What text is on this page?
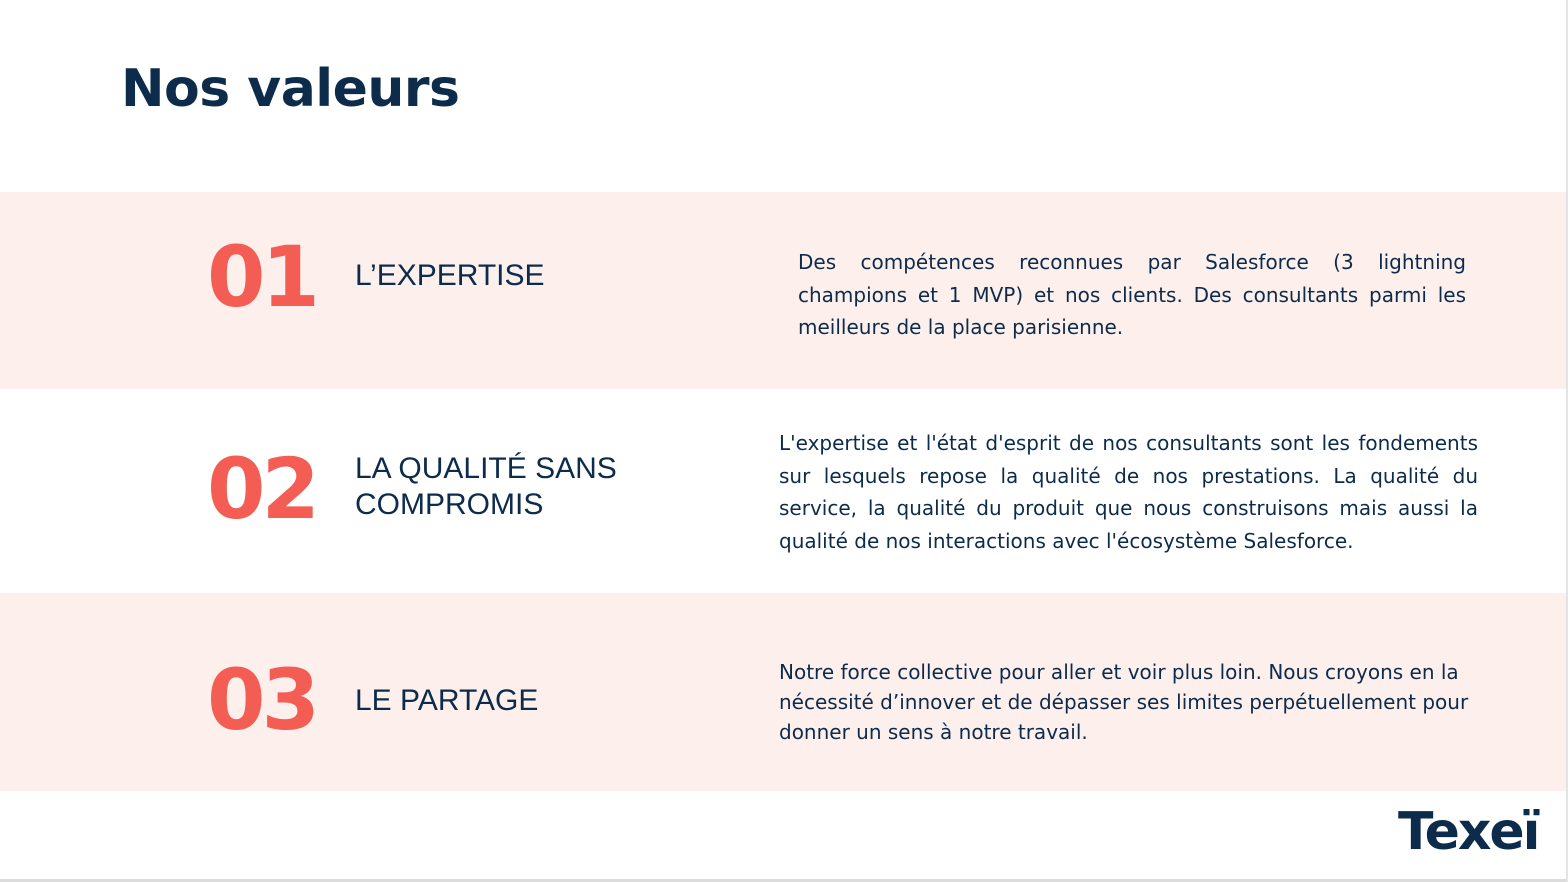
Nos valeurs
01 L’EXPERTISE	Des compétences reconnues par Salesforce (3 lightning champions et 1 MVP) et nos clients. Des consultants parmi les meilleurs de la place parisienne.

02 LA QUALITÉ SANS COMPROMIS

L'expertise et l'état d'esprit de nos consultants sont les fondements sur lesquels repose la qualité de nos prestations. La qualité du service, la qualité du produit que nous construisons mais aussi la qualité de nos interactions avec l'écosystème Salesforce.

03 LE PARTAGE

Notre force collective pour aller et voir plus loin. Nous croyons en la nécessité d’innover et de dépasser ses limites perpétuellement pour donner un sens à notre travail.

Texeï
